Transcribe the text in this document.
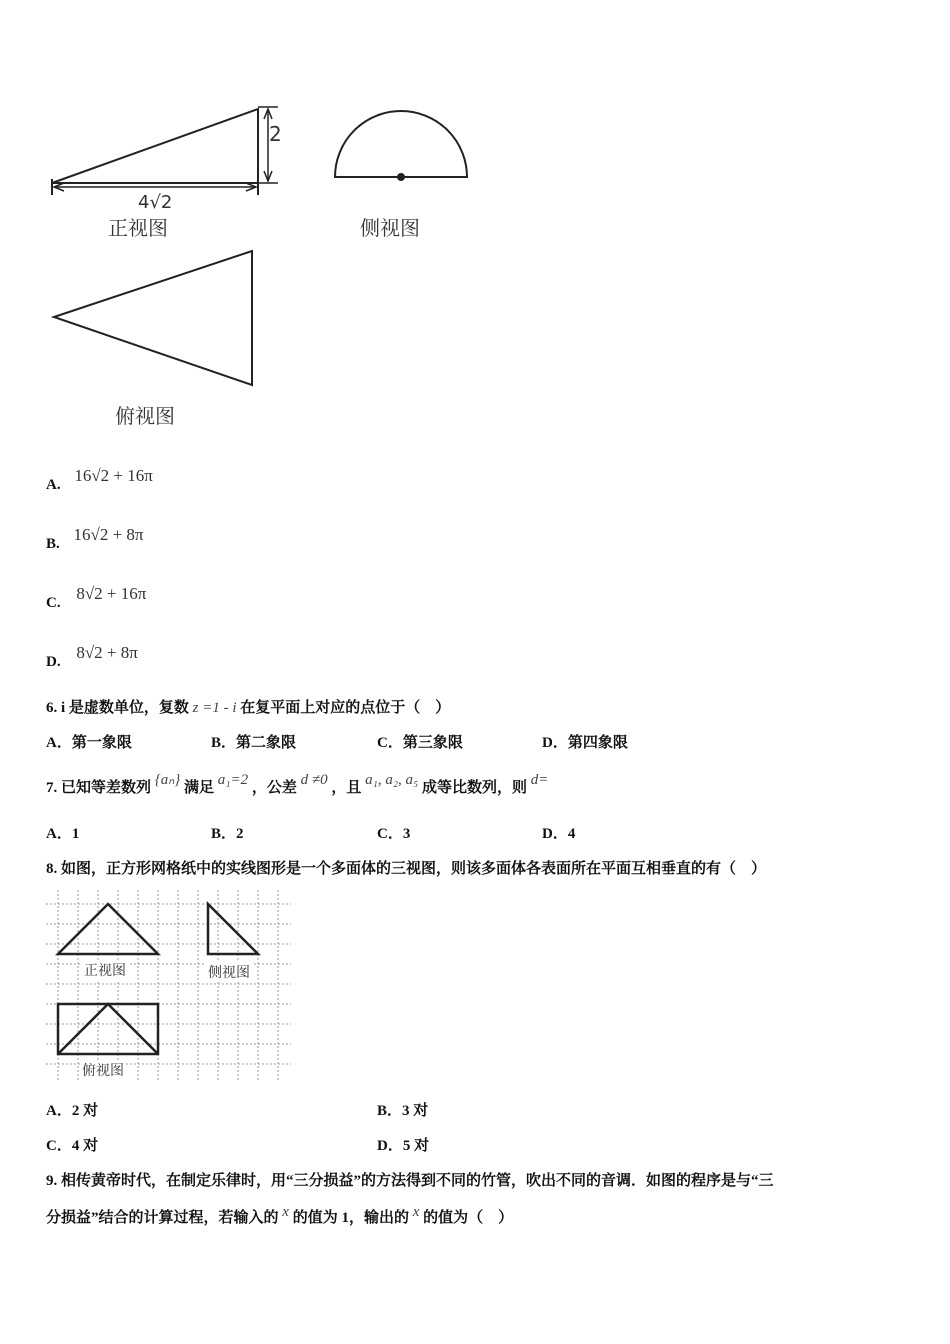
4√2
2
正视图	侧视图
俯视图
A. 16√2 + 16π
B. 16√2 + 8π
C. 8√2 + 16π
D. 8√2 + 8π
6. i 是虚数单位，复数 z =1 - i 在复平面上对应的点位于（　）
A．第一象限	B．第二象限	C．第三象限	D．第四象限
7. 已知等差数列 {aₙ} 满足 a₁=2 ，公差 d ≠0 ，且 a₁, a₂, a₅ 成等比数列，则 d=
A．1	B．2	C．3	D．4
8. 如图，正方形网格纸中的实线图形是一个多面体的三视图，则该多面体各表面所在平面互相垂直的有（　）
正视图	侧视图
俯视图
A．2 对	B．3 对
C．4 对	D．5 对
9. 相传黄帝时代，在制定乐律时，用“三分损益”的方法得到不同的竹管，吹出不同的音调．如图的程序是与“三
分损益”结合的计算过程，若输入的 x 的值为 1，输出的 x 的值为（　）
